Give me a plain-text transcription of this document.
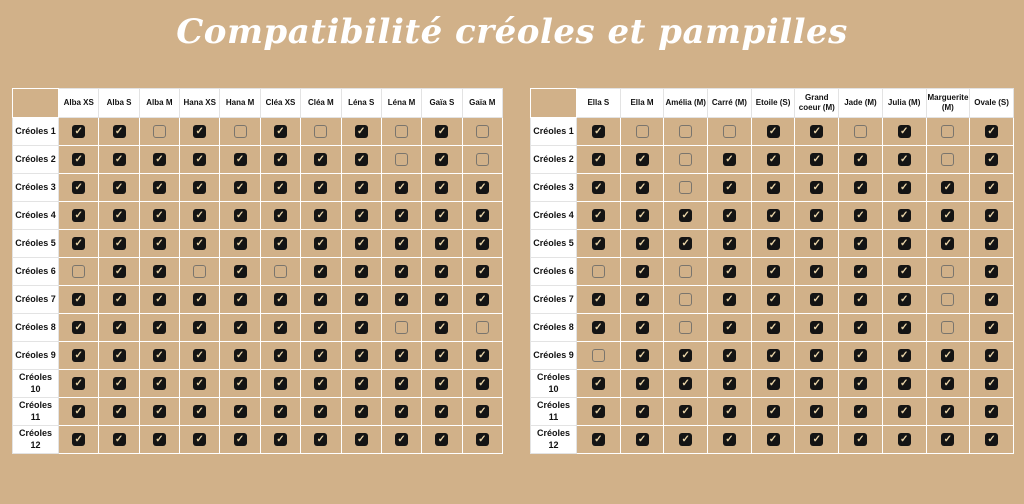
Compatibilité créoles et pampilles
	Alba XS	Alba S	Alba M	Hana XS	Hana M	Cléa XS	Cléa M	Léna S	Léna M	Gaïa S	Gaïa M
Créoles 1	✓	✓		✓		✓		✓		✓	

Créoles 2	✓	✓	✓	✓	✓	✓	✓	✓		✓	

Créoles 3	✓	✓	✓	✓	✓	✓	✓	✓	✓	✓	✓

Créoles 4	✓	✓	✓	✓	✓	✓	✓	✓	✓	✓	✓

Créoles 5	✓	✓	✓	✓	✓	✓	✓	✓	✓	✓	✓

Créoles 6		✓	✓		✓		✓	✓	✓	✓	✓

Créoles 7	✓	✓	✓	✓	✓	✓	✓	✓	✓	✓	✓

Créoles 8	✓	✓	✓	✓	✓	✓	✓	✓		✓	

Créoles 9	✓	✓	✓	✓	✓	✓	✓	✓	✓	✓	✓

Créoles 10	✓	✓	✓	✓	✓	✓	✓	✓	✓	✓	✓

Créoles 11	✓	✓	✓	✓	✓	✓	✓	✓	✓	✓	✓

Créoles 12	✓	✓	✓	✓	✓	✓	✓	✓	✓	✓	✓
	Ella S	Ella M	Amélia (M)	Carré (M)	Etoile (S)	Grand coeur (M)	Jade (M)	Julia (M)	Marguerite (M)	Ovale (S)
Créoles 1	✓				✓	✓		✓		✓

Créoles 2	✓	✓		✓	✓	✓	✓	✓		✓

Créoles 3	✓	✓		✓	✓	✓	✓	✓	✓	✓

Créoles 4	✓	✓	✓	✓	✓	✓	✓	✓	✓	✓

Créoles 5	✓	✓	✓	✓	✓	✓	✓	✓	✓	✓

Créoles 6		✓		✓	✓	✓	✓	✓		✓

Créoles 7	✓	✓		✓	✓	✓	✓	✓		✓

Créoles 8	✓	✓		✓	✓	✓	✓	✓		✓

Créoles 9		✓	✓	✓	✓	✓	✓	✓	✓	✓

Créoles 10	✓	✓	✓	✓	✓	✓	✓	✓	✓	✓

Créoles 11	✓	✓	✓	✓	✓	✓	✓	✓	✓	✓

Créoles 12	✓	✓	✓	✓	✓	✓	✓	✓	✓	✓
